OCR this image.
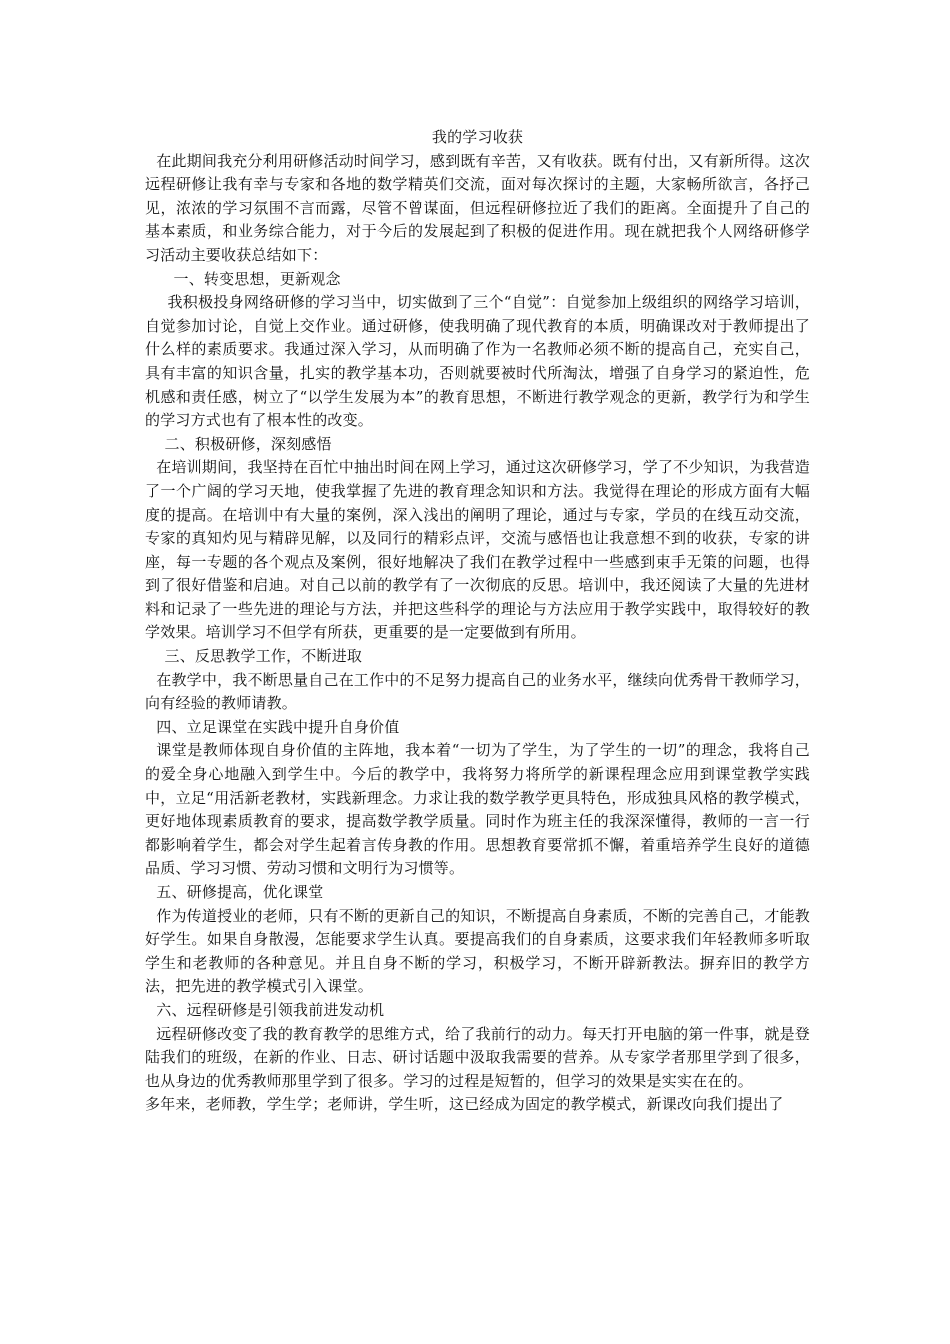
我的学习收获

在此期间我充分利用研修活动时间学习，感到既有辛苦，又有收获。既有付出，又有新所得。这次远程研修让我有幸与专家和各地的数学精英们交流，面对每次探讨的主题，大家畅所欲言，各抒己见，浓浓的学习氛围不言而露，尽管不曾谋面，但远程研修拉近了我们的距离。全面提升了自己的基本素质，和业务综合能力，对于今后的发展起到了积极的促进作用。现在就把我个人网络研修学习活动主要收获总结如下：

一、转变思想，更新观念

我积极投身网络研修的学习当中，切实做到了三个“自觉”：自觉参加上级组织的网络学习培训，自觉参加讨论，自觉上交作业。通过研修，使我明确了现代教育的本质，明确课改对于教师提出了什么样的素质要求。我通过深入学习，从而明确了作为一名教师必须不断的提高自己，充实自己，具有丰富的知识含量，扎实的教学基本功，否则就要被时代所淘汰，增强了自身学习的紧迫性，危机感和责任感，树立了“以学生发展为本”的教育思想，不断进行教学观念的更新，教学行为和学生的学习方式也有了根本性的改变。

二、积极研修，深刻感悟

在培训期间，我坚持在百忙中抽出时间在网上学习，通过这次研修学习，学了不少知识，为我营造了一个广阔的学习天地，使我掌握了先进的教育理念知识和方法。我觉得在理论的形成方面有大幅度的提高。在培训中有大量的案例，深入浅出的阐明了理论，通过与专家，学员的在线互动交流，专家的真知灼见与精辟见解，以及同行的精彩点评，交流与感悟也让我意想不到的收获，专家的讲座，每一专题的各个观点及案例，很好地解决了我们在教学过程中一些感到束手无策的问题，也得到了很好借鉴和启迪。对自己以前的教学有了一次彻底的反思。培训中，我还阅读了大量的先进材料和记录了一些先进的理论与方法，并把这些科学的理论与方法应用于教学实践中，取得较好的教学效果。培训学习不但学有所获，更重要的是一定要做到有所用。

三、反思教学工作，不断进取

在教学中，我不断思量自己在工作中的不足努力提高自己的业务水平，继续向优秀骨干教师学习，向有经验的教师请教。

四、立足课堂在实践中提升自身价值

课堂是教师体现自身价值的主阵地，我本着“一切为了学生，为了学生的一切”的理念，我将自己的爱全身心地融入到学生中。今后的教学中，我将努力将所学的新课程理念应用到课堂教学实践中，立足“用活新老教材，实践新理念。力求让我的数学教学更具特色，形成独具风格的教学模式，更好地体现素质教育的要求，提高数学教学质量。同时作为班主任的我深深懂得，教师的一言一行都影响着学生，都会对学生起着言传身教的作用。思想教育要常抓不懈，着重培养学生良好的道德品质、学习习惯、劳动习惯和文明行为习惯等。

五、研修提高，优化课堂

作为传道授业的老师，只有不断的更新自己的知识，不断提高自身素质，不断的完善自己，才能教好学生。如果自身散漫，怎能要求学生认真。要提高我们的自身素质，这要求我们年轻教师多听取学生和老教师的各种意见。并且自身不断的学习，积极学习，不断开辟新教法。摒弃旧的教学方法，把先进的教学模式引入课堂。

六、远程研修是引领我前进发动机

远程研修改变了我的教育教学的思维方式，给了我前行的动力。每天打开电脑的第一件事，就是登陆我们的班级，在新的作业、日志、研讨话题中汲取我需要的营养。从专家学者那里学到了很多，也从身边的优秀教师那里学到了很多。学习的过程是短暂的，但学习的效果是实实在在的。

多年来，老师教，学生学；老师讲，学生听，这已经成为固定的教学模式，新课改向我们提出了
